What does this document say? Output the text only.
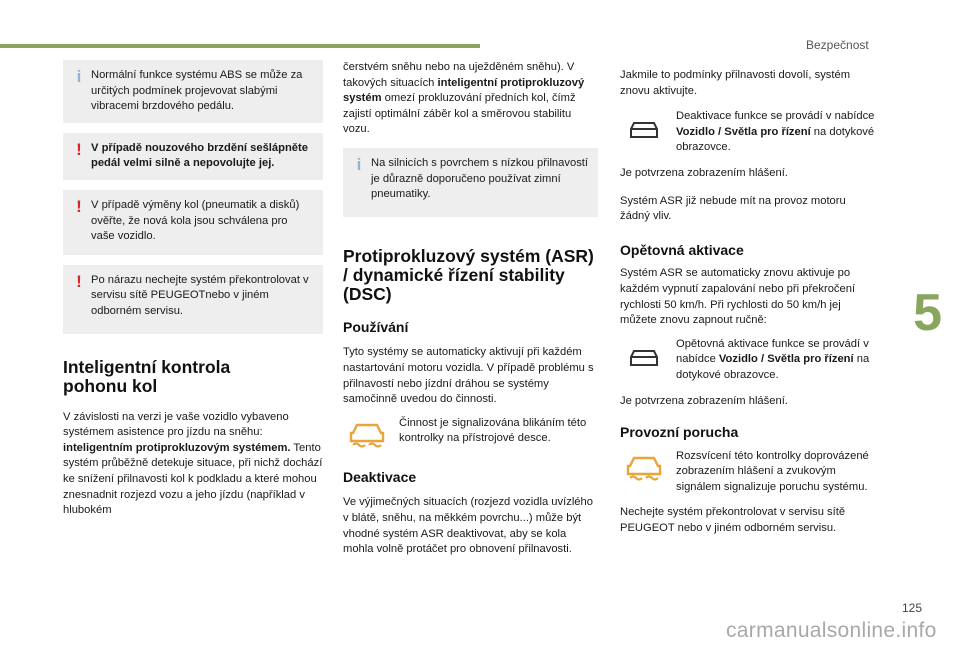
Bezpečnost
5
i Normální funkce systému ABS se může za určitých podmínek projevovat slabými vibracemi brzdového pedálu.

! V případě nouzového brzdění sešlápněte pedál velmi silně a nepovolujte jej.

! V případě výměny kol (pneumatik a disků) ověřte, že nová kola jsou schválena pro vaše vozidlo.

! Po nárazu nechejte systém překontrolovat v servisu sítě PEUGEOTnebo v jiném odborném servisu.

Inteligentní kontrola pohonu kol

V závislosti na verzi je vaše vozidlo vybaveno systémem asistence pro jízdu na sněhu: inteligentním protiprokluzovým systémem. Tento systém průběžně detekuje situace, při nichž dochází ke snížení přilnavosti kol k podkladu a které mohou znesnadnit rozjezd vozu a jeho jízdu (například v hlubokém

čerstvém sněhu nebo na uježděném sněhu). V takových situacích inteligentní protiprokluzový systém omezí prokluzování předních kol, čímž zajistí optimální záběr kol a směrovou stabilitu vozu.

i Na silnicích s povrchem s nízkou přilnavostí je důrazně doporučeno používat zimní pneumatiky.

Protiprokluzový systém (ASR) / dynamické řízení stability (DSC)
Používání

Tyto systémy se automaticky aktivují při každém nastartování motoru vozidla. V případě problému s přilnavostí nebo jízdní dráhou se systémy samočinně uvedou do činnosti.

Činnost je signalizována blikáním této kontrolky na přístrojové desce.

Deaktivace

Ve výjimečných situacích (rozjezd vozidla uvízlého v blátě, sněhu, na měkkém povrchu...) může být vhodné systém ASR deaktivovat, aby se kola mohla volně protáčet pro obnovení přilnavosti.

Jakmile to podmínky přilnavosti dovolí, systém znovu aktivujte.

Deaktivace funkce se provádí v nabídce Vozidlo / Světla pro řízení na dotykové obrazovce.

Je potvrzena zobrazením hlášení.

Systém ASR již nebude mít na provoz motoru žádný vliv.

Opětovná aktivace

Systém ASR se automaticky znovu aktivuje po každém vypnutí zapalování nebo při překročení rychlosti 50 km/h. Při rychlosti do 50 km/h jej můžete znovu zapnout ručně:

Opětovná aktivace funkce se provádí v nabídce Vozidlo / Světla pro řízení na dotykové obrazovce.

Je potvrzena zobrazením hlášení.

Provozní porucha

Rozsvícení této kontrolky doprovázené zobrazením hlášení a zvukovým signálem signalizuje poruchu systému.

Nechejte systém překontrolovat v servisu sítě PEUGEOT nebo v jiném odborném servisu.

125
carmanualsonline.info
